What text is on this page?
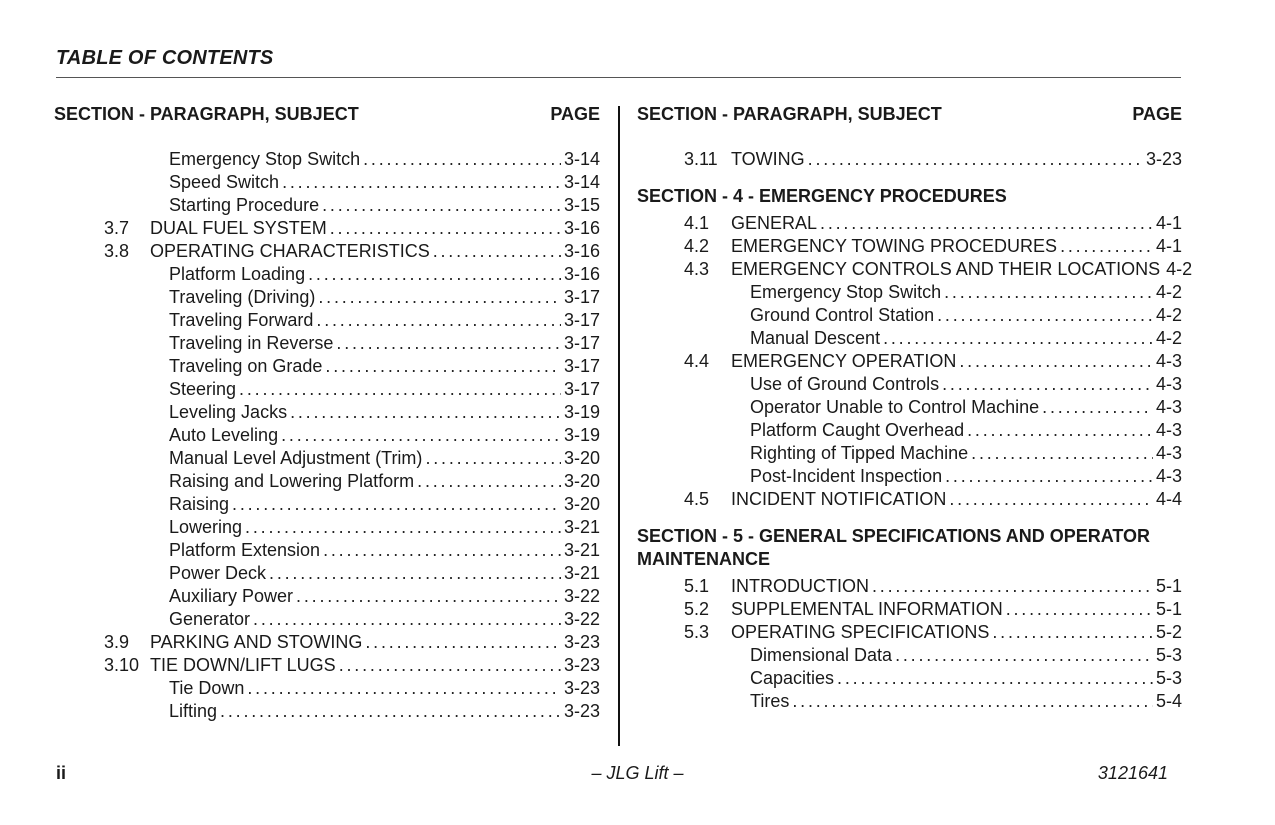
TABLE OF CONTENTS
SECTION - PARAGRAPH, SUBJECT	PAGE
Emergency Stop Switch . . .	3-14
Speed Switch . . .	3-14
Starting Procedure . . .	3-15
3.7	DUAL FUEL SYSTEM . . .	3-16
3.8	OPERATING CHARACTERISTICS . . .	3-16
Platform Loading . . .	3-16
Traveling (Driving) . . .	3-17
Traveling Forward . . .	3-17
Traveling in Reverse . . .	3-17
Traveling on Grade . . .	3-17
Steering . . .	3-17
Leveling Jacks . . .	3-19
Auto Leveling . . .	3-19
Manual Level Adjustment (Trim) . . .	3-20
Raising and Lowering Platform . . .	3-20
Raising . . .	3-20
Lowering . . .	3-21
Platform Extension . . .	3-21
Power Deck . . .	3-21
Auxiliary Power . . .	3-22
Generator . . .	3-22
3.9	PARKING AND STOWING . . .	3-23
3.10 TIE DOWN/LIFT LUGS . . .	3-23
Tie Down . . .	3-23
Lifting . . .	3-23
SECTION - PARAGRAPH, SUBJECT	PAGE
3.11 TOWING . . .	3-23
SECTION - 4 - EMERGENCY PROCEDURES
4.1	GENERAL . . .	4-1
4.2	EMERGENCY TOWING PROCEDURES . . .	4-1
4.3	EMERGENCY CONTROLS AND THEIR LOCATIONS 4-2
Emergency Stop Switch . . .	4-2
Ground Control Station . . .	4-2
Manual Descent . . .	4-2
4.4	EMERGENCY OPERATION . . .	4-3
Use of Ground Controls . . .	4-3
Operator Unable to Control Machine . . .	4-3
Platform Caught Overhead . . .	4-3
Righting of Tipped Machine . . .	4-3
Post-Incident Inspection . . .	4-3
4.5	INCIDENT NOTIFICATION . . .	4-4
SECTION - 5 - GENERAL SPECIFICATIONS AND OPERATOR MAINTENANCE
5.1	INTRODUCTION . . .	5-1
5.2	SUPPLEMENTAL INFORMATION . . .	5-1
5.3	OPERATING SPECIFICATIONS . . .	5-2
Dimensional Data . . .	5-3
Capacities . . .	5-3
Tires . . .	5-4
ii	– JLG Lift –	3121641
